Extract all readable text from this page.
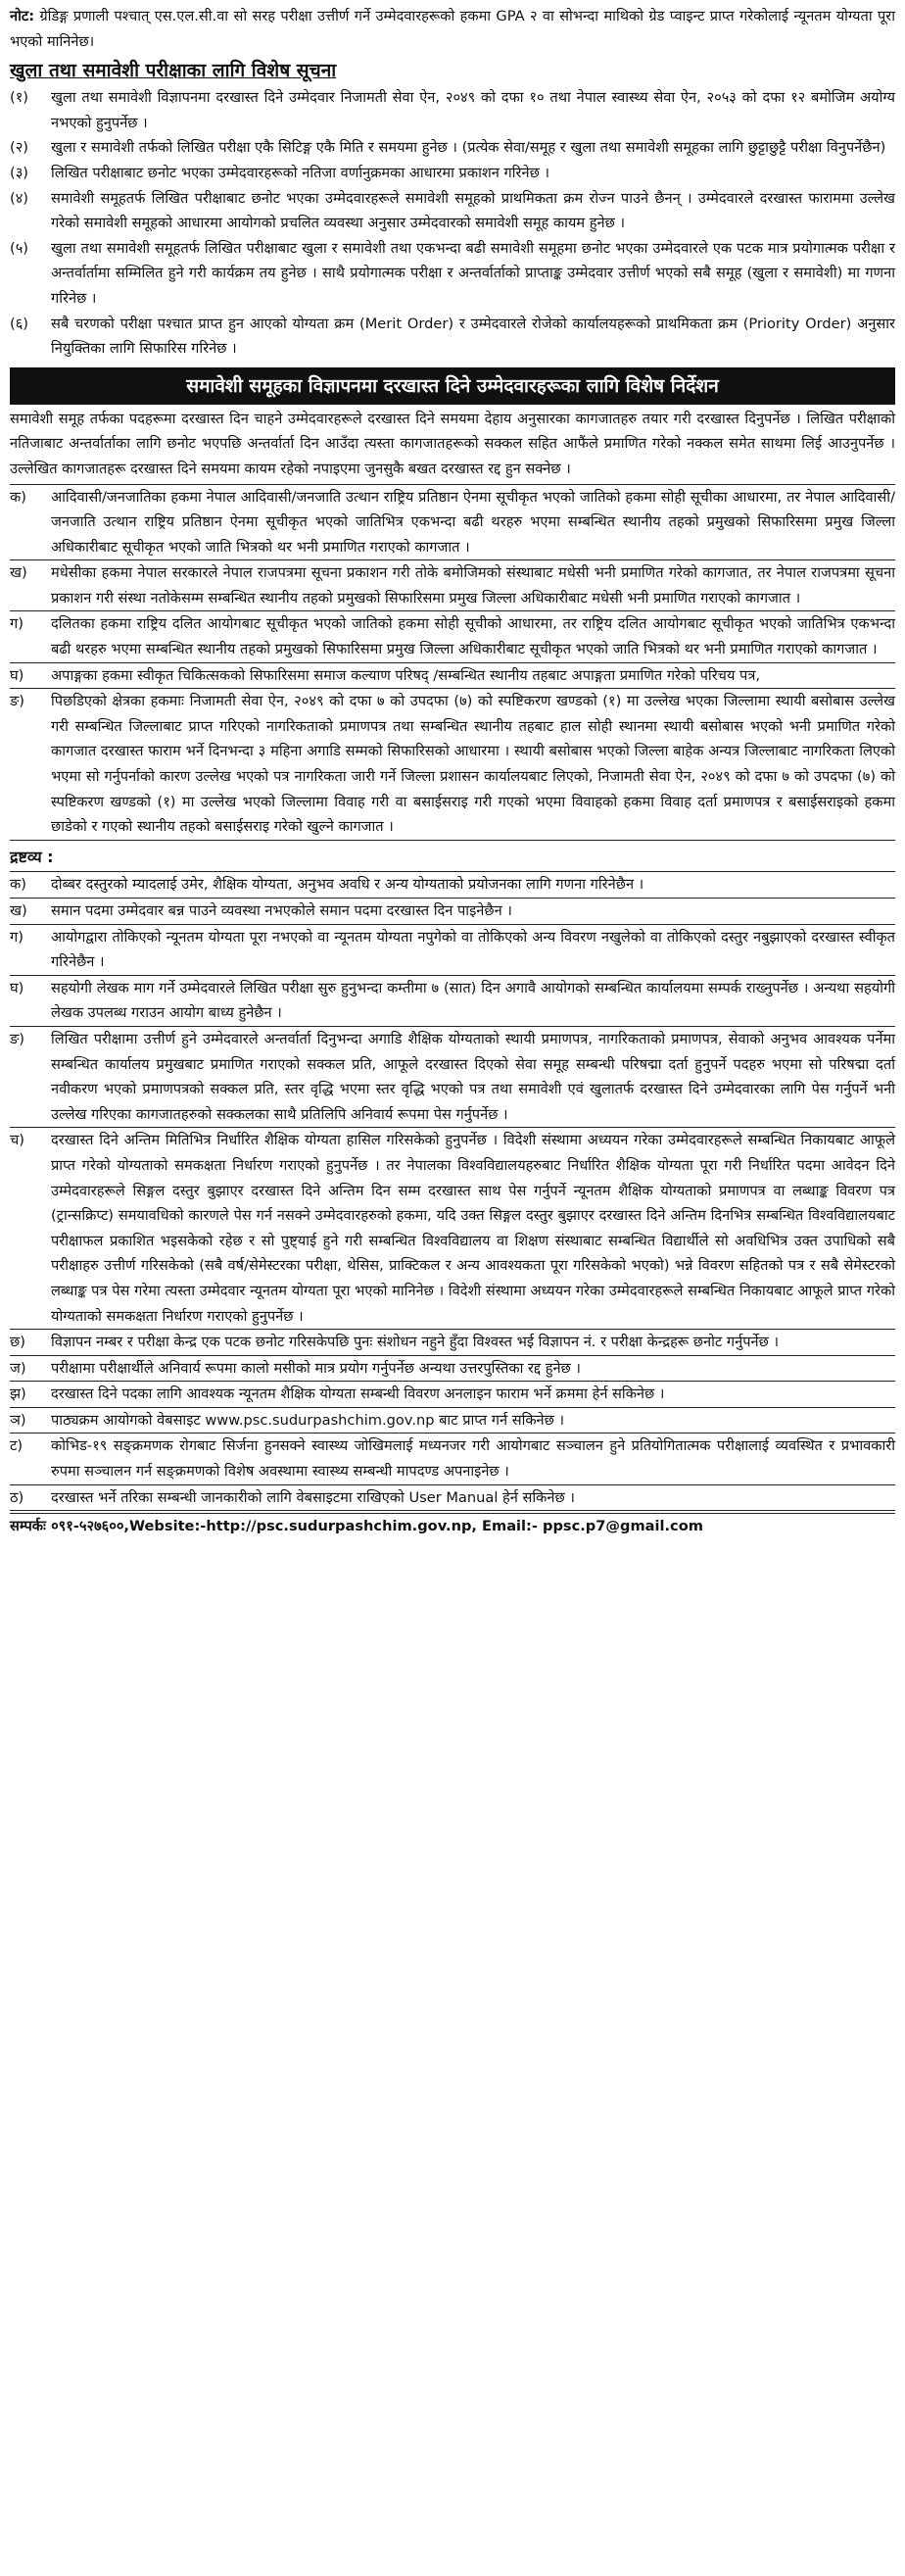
नोट: ग्रेडिङ्ग प्रणाली पश्चात् एस.एल.सी.वा सो सरह परीक्षा उत्तीर्ण गर्ने उम्मेदवारहरूको हकमा GPA २ वा सोभन्दा माथिको ग्रेड प्वाइन्ट प्राप्त गरेकोलाई न्यूनतम योग्यता पूरा भएको मानिनेछ।
खुला तथा समावेशी परीक्षाका लागि विशेष सूचना
(१)	खुला तथा समावेशी विज्ञापनमा दरखास्त दिने उम्मेदवार निजामती सेवा ऐन, २०४९ को दफा १० तथा नेपाल स्वास्थ्य सेवा ऐन, २०५३ को दफा १२ बमोजिम अयोग्य नभएको हुनुपर्नेछ ।
(२)	खुला र समावेशी तर्फको लिखित परीक्षा एकै सिटिङ्ग एकै मिति र समयमा हुनेछ । (प्रत्येक सेवा/समूह र खुला तथा समावेशी समूहका लागि छुट्टाछुट्टै परीक्षा विनुपर्नेछैन)
(३)	लिखित परीक्षाबाट छनोट भएका उम्मेदवारहरूको नतिजा वर्णानुक्रमका आधारमा प्रकाशन गरिनेछ ।
(४)	समावेशी समूहतर्फ लिखित परीक्षाबाट छनोट भएका उम्मेदवारहरूले समावेशी समूहको प्राथमिकता क्रम रोज्न पाउने छैनन् । उम्मेदवारले दरखास्त फाराममा उल्लेख गरेको समावेशी समूहको आधारमा आयोगको प्रचलित व्यवस्था अनुसार उम्मेदवारको समावेशी समूह कायम हुनेछ ।
(५)	खुला तथा समावेशी समूहतर्फ लिखित परीक्षाबाट खुला र समावेशी तथा एकभन्दा बढी समावेशी समूहमा छनोट भएका उम्मेदवारले एक पटक मात्र प्रयोगात्मक परीक्षा र अन्तर्वार्तामा सम्मिलित हुने गरी कार्यक्रम तय हुनेछ । साथै प्रयोगात्मक परीक्षा र अन्तर्वार्ताको प्राप्ताङ्क उम्मेदवार उत्तीर्ण भएको सबै समूह (खुला र समावेशी) मा गणना गरिनेछ ।
(६)	सबै चरणको परीक्षा पश्चात प्राप्त हुन आएको योग्यता क्रम (Merit Order) र उम्मेदवारले रोजेको कार्यालयहरूको प्राथमिकता क्रम (Priority Order) अनुसार नियुक्तिका लागि सिफारिस गरिनेछ ।
समावेशी समूहका विज्ञापनमा दरखास्त दिने उम्मेदवारहरूका लागि विशेष निर्देशन
समावेशी समूह तर्फका पदहरूमा दरखास्त दिन चाहने उम्मेदवारहरूले दरखास्त दिने समयमा देहाय अनुसारका कागजातहरु तयार गरी दरखास्त दिनुपर्नेछ । लिखित परीक्षाको नतिजाबाट अन्तर्वार्ताका लागि छनोट भएपछि अन्तर्वार्ता दिन आउँदा त्यस्ता कागजातहरूको सक्कल सहित आफैंले प्रमाणित गरेको नक्कल समेत साथमा लिई आउनुपर्नेछ । उल्लेखित कागजातहरू दरखास्त दिने समयमा कायम रहेको नपाइएमा जुनसुकै बखत दरखास्त रद्द हुन सक्नेछ ।
क)	आदिवासी/जनजातिका हकमा नेपाल आदिवासी/जनजाति उत्थान राष्ट्रिय प्रतिष्ठान ऐनमा सूचीकृत भएको जातिको हकमा सोही सूचीका आधारमा, तर नेपाल आदिवासी/जनजाति उत्थान राष्ट्रिय प्रतिष्ठान ऐनमा सूचीकृत भएको जातिभित्र एकभन्दा बढी थरहरु भएमा सम्बन्धित स्थानीय तहको प्रमुखको सिफारिसमा प्रमुख जिल्ला अधिकारीबाट सूचीकृत भएको जाति भित्रको थर भनी प्रमाणित गराएको कागजात ।
ख)	मधेसीका हकमा नेपाल सरकारले नेपाल राजपत्रमा सूचना प्रकाशन गरी तोके बमोजिमको संस्थाबाट मधेसी भनी प्रमाणित गरेको कागजात, तर नेपाल राजपत्रमा सूचना प्रकाशन गरी संस्था नतोकेसम्म सम्बन्धित स्थानीय तहको प्रमुखको सिफारिसमा प्रमुख जिल्ला अधिकारीबाट मधेसी भनी प्रमाणित गराएको कागजात ।
ग)	दलितका हकमा राष्ट्रिय दलित आयोगबाट सूचीकृत भएको जातिको हकमा सोही सूचीको आधारमा, तर राष्ट्रिय दलित आयोगबाट सूचीकृत भएको जातिभित्र एकभन्दा बढी थरहरु भएमा सम्बन्धित स्थानीय तहको प्रमुखको सिफारिसमा प्रमुख जिल्ला अधिकारीबाट सूचीकृत भएको जाति भित्रको थर भनी प्रमाणित गराएको कागजात ।
घ)	अपाङ्गका हकमा स्वीकृत चिकित्सकको सिफारिसमा समाज कल्याण परिषद् /सम्बन्धित स्थानीय तहबाट अपाङ्गता प्रमाणित गरेको परिचय पत्र,
ङ)	पिछडिएको क्षेत्रका हकमाः निजामती सेवा ऐन, २०४९ को दफा ७ को उपदफा (७) को स्पष्टिकरण खण्डको (१) मा उल्लेख भएका जिल्लामा स्थायी बसोबास उल्लेख गरी सम्बन्धित जिल्लाबाट प्राप्त गरिएको नागरिकताको प्रमाणपत्र तथा सम्बन्धित स्थानीय तहबाट हाल सोही स्थानमा स्थायी बसोबास भएको भनी प्रमाणित गरेको कागजात दरखास्त फाराम भर्ने दिनभन्दा ३ महिना अगाडि सम्मको सिफारिसको आधारमा । स्थायी बसोबास भएको जिल्ला बाहेक अन्यत्र जिल्लाबाट नागरिकता लिएको भएमा सो गर्नुपर्नाको कारण उल्लेख भएको पत्र नागरिकता जारी गर्ने जिल्ला प्रशासन कार्यालयबाट लिएको, निजामती सेवा ऐन, २०४९ को दफा ७ को उपदफा (७) को स्पष्टिकरण खण्डको (१) मा उल्लेख भएको जिल्लामा विवाह गरी वा बसाईसराइ गरी गएको भएमा विवाहको हकमा विवाह दर्ता प्रमाणपत्र र बसाईसराइको हकमा छाडेको र गएको स्थानीय तहको बसाईसराइ गरेको खुल्ने कागजात ।
द्रष्टव्य :
क)	दोब्बर दस्तुरको म्यादलाई उमेर, शैक्षिक योग्यता, अनुभव अवधि र अन्य योग्यताको प्रयोजनका लागि गणना गरिनेछैन ।
ख)	समान पदमा उम्मेदवार बन्न पाउने व्यवस्था नभएकोले समान पदमा दरखास्त दिन पाइनेछैन ।
ग)	आयोगद्वारा तोकिएको न्यूनतम योग्यता पूरा नभएको वा न्यूनतम योग्यता नपुगेको वा तोकिएको अन्य विवरण नखुलेको वा तोकिएको दस्तुर नबुझाएको दरखास्त स्वीकृत गरिनेछैन ।
घ)	सहयोगी लेखक माग गर्ने उम्मेदवारले लिखित परीक्षा सुरु हुनुभन्दा कम्तीमा ७ (सात) दिन अगावै आयोगको सम्बन्धित कार्यालयमा सम्पर्क राख्नुपर्नेछ । अन्यथा सहयोगी लेखक उपलब्ध गराउन आयोग बाध्य हुनेछैन ।
ङ)	लिखित परीक्षामा उत्तीर्ण हुने उम्मेदवारले अन्तर्वार्ता दिनुभन्दा अगाडि शैक्षिक योग्यताको स्थायी प्रमाणपत्र, नागरिकताको प्रमाणपत्र, सेवाको अनुभव आवश्यक पर्नेमा सम्बन्धित कार्यालय प्रमुखबाट प्रमाणित गराएको सक्कल प्रति, आफूले दरखास्त दिएको सेवा समूह सम्बन्धी परिषद्मा दर्ता हुनुपर्ने पदहरु भएमा सो परिषद्मा दर्ता नवीकरण भएको प्रमाणपत्रको सक्कल प्रति, स्तर वृद्धि भएमा स्तर वृद्धि भएको पत्र तथा समावेशी एवं खुलातर्फ दरखास्त दिने उम्मेदवारका लागि पेस गर्नुपर्ने भनी उल्लेख गरिएका कागजातहरुको सक्कलका साथै प्रतिलिपि अनिवार्य रूपमा पेस गर्नुपर्नेछ ।
च)	दरखास्त दिने अन्तिम मितिभित्र निर्धारित शैक्षिक योग्यता हासिल गरिसकेको हुनुपर्नेछ । विदेशी संस्थामा अध्ययन गरेका उम्मेदवारहरूले सम्बन्धित निकायबाट आफूले प्राप्त गरेको योग्यताको समकक्षता निर्धारण गराएको हुनुपर्नेछ । तर नेपालका विश्वविद्यालयहरुबाट निर्धारित शैक्षिक योग्यता पूरा गरी निर्धारित पदमा आवेदन दिने उम्मेदवारहरूले सिङ्गल दस्तुर बुझाएर दरखास्त दिने अन्तिम दिन सम्म दरखास्त साथ पेस गर्नुपर्ने न्यूनतम शैक्षिक योग्यताको प्रमाणपत्र वा लब्धाङ्क विवरण पत्र (ट्रान्सक्रिप्ट) समयावधिको कारणले पेस गर्न नसक्ने उम्मेदवारहरुको हकमा, यदि उक्त सिङ्गल दस्तुर बुझाएर दरखास्त दिने अन्तिम दिनभित्र सम्बन्धित विश्वविद्यालयबाट परीक्षाफल प्रकाशित भइसकेको रहेछ र सो पुष्ट्याई हुने गरी सम्बन्धित विश्वविद्यालय वा शिक्षण संस्थाबाट सम्बन्धित विद्यार्थीले सो अवधिभित्र उक्त उपाधिको सबै परीक्षाहरु उत्तीर्ण गरिसकेको (सबै वर्ष/सेमेस्टरका परीक्षा, थेसिस, प्राक्टिकल र अन्य आवश्यकता पूरा गरिसकेको भएको) भन्ने विवरण सहितको पत्र र सबै सेमेस्टरको लब्धाङ्क पत्र पेस गरेमा त्यस्ता उम्मेदवार न्यूनतम योग्यता पूरा भएको मानिनेछ । विदेशी संस्थामा अध्ययन गरेका उम्मेदवारहरूले सम्बन्धित निकायबाट आफूले प्राप्त गरेको योग्यताको समकक्षता निर्धारण गराएको हुनुपर्नेछ ।
छ)	विज्ञापन नम्बर र परीक्षा केन्द्र एक पटक छनोट गरिसकेपछि पुनः संशोधन नहुने हुँदा विश्वस्त भई विज्ञापन नं. र परीक्षा केन्द्रहरू छनोट गर्नुपर्नेछ ।
ज)	परीक्षामा परीक्षार्थीले अनिवार्य रूपमा कालो मसीको मात्र प्रयोग गर्नुपर्नेछ अन्यथा उत्तरपुस्तिका रद्द हुनेछ ।
झ)	दरखास्त दिने पदका लागि आवश्यक न्यूनतम शैक्षिक योग्यता सम्बन्धी विवरण अनलाइन फाराम भर्ने क्रममा हेर्न सकिनेछ ।
ञ)	पाठ्यक्रम आयोगको वेबसाइट www.psc.sudurpashchim.gov.np बाट प्राप्त गर्न सकिनेछ ।
ट)	कोभिड-१९ सङ्क्रमणक रोगबाट सिर्जना हुनसक्ने स्वास्थ्य जोखिमलाई मध्यनजर गरी आयोगबाट सञ्चालन हुने प्रतियोगितात्मक परीक्षालाई व्यवस्थित र प्रभावकारी रुपमा सञ्चालन गर्न सङ्क्रमणको विशेष अवस्थामा स्वास्थ्य सम्बन्धी मापदण्ड अपनाइनेछ ।
ठ)	दरखास्त भर्ने तरिका सम्बन्धी जानकारीको लागि वेबसाइटमा राखिएको User Manual हेर्न सकिनेछ ।
सम्पर्कः ०९१-५२७६००,Website:-http://psc.sudurpashchim.gov.np, Email:- ppsc.p7@gmail.com
